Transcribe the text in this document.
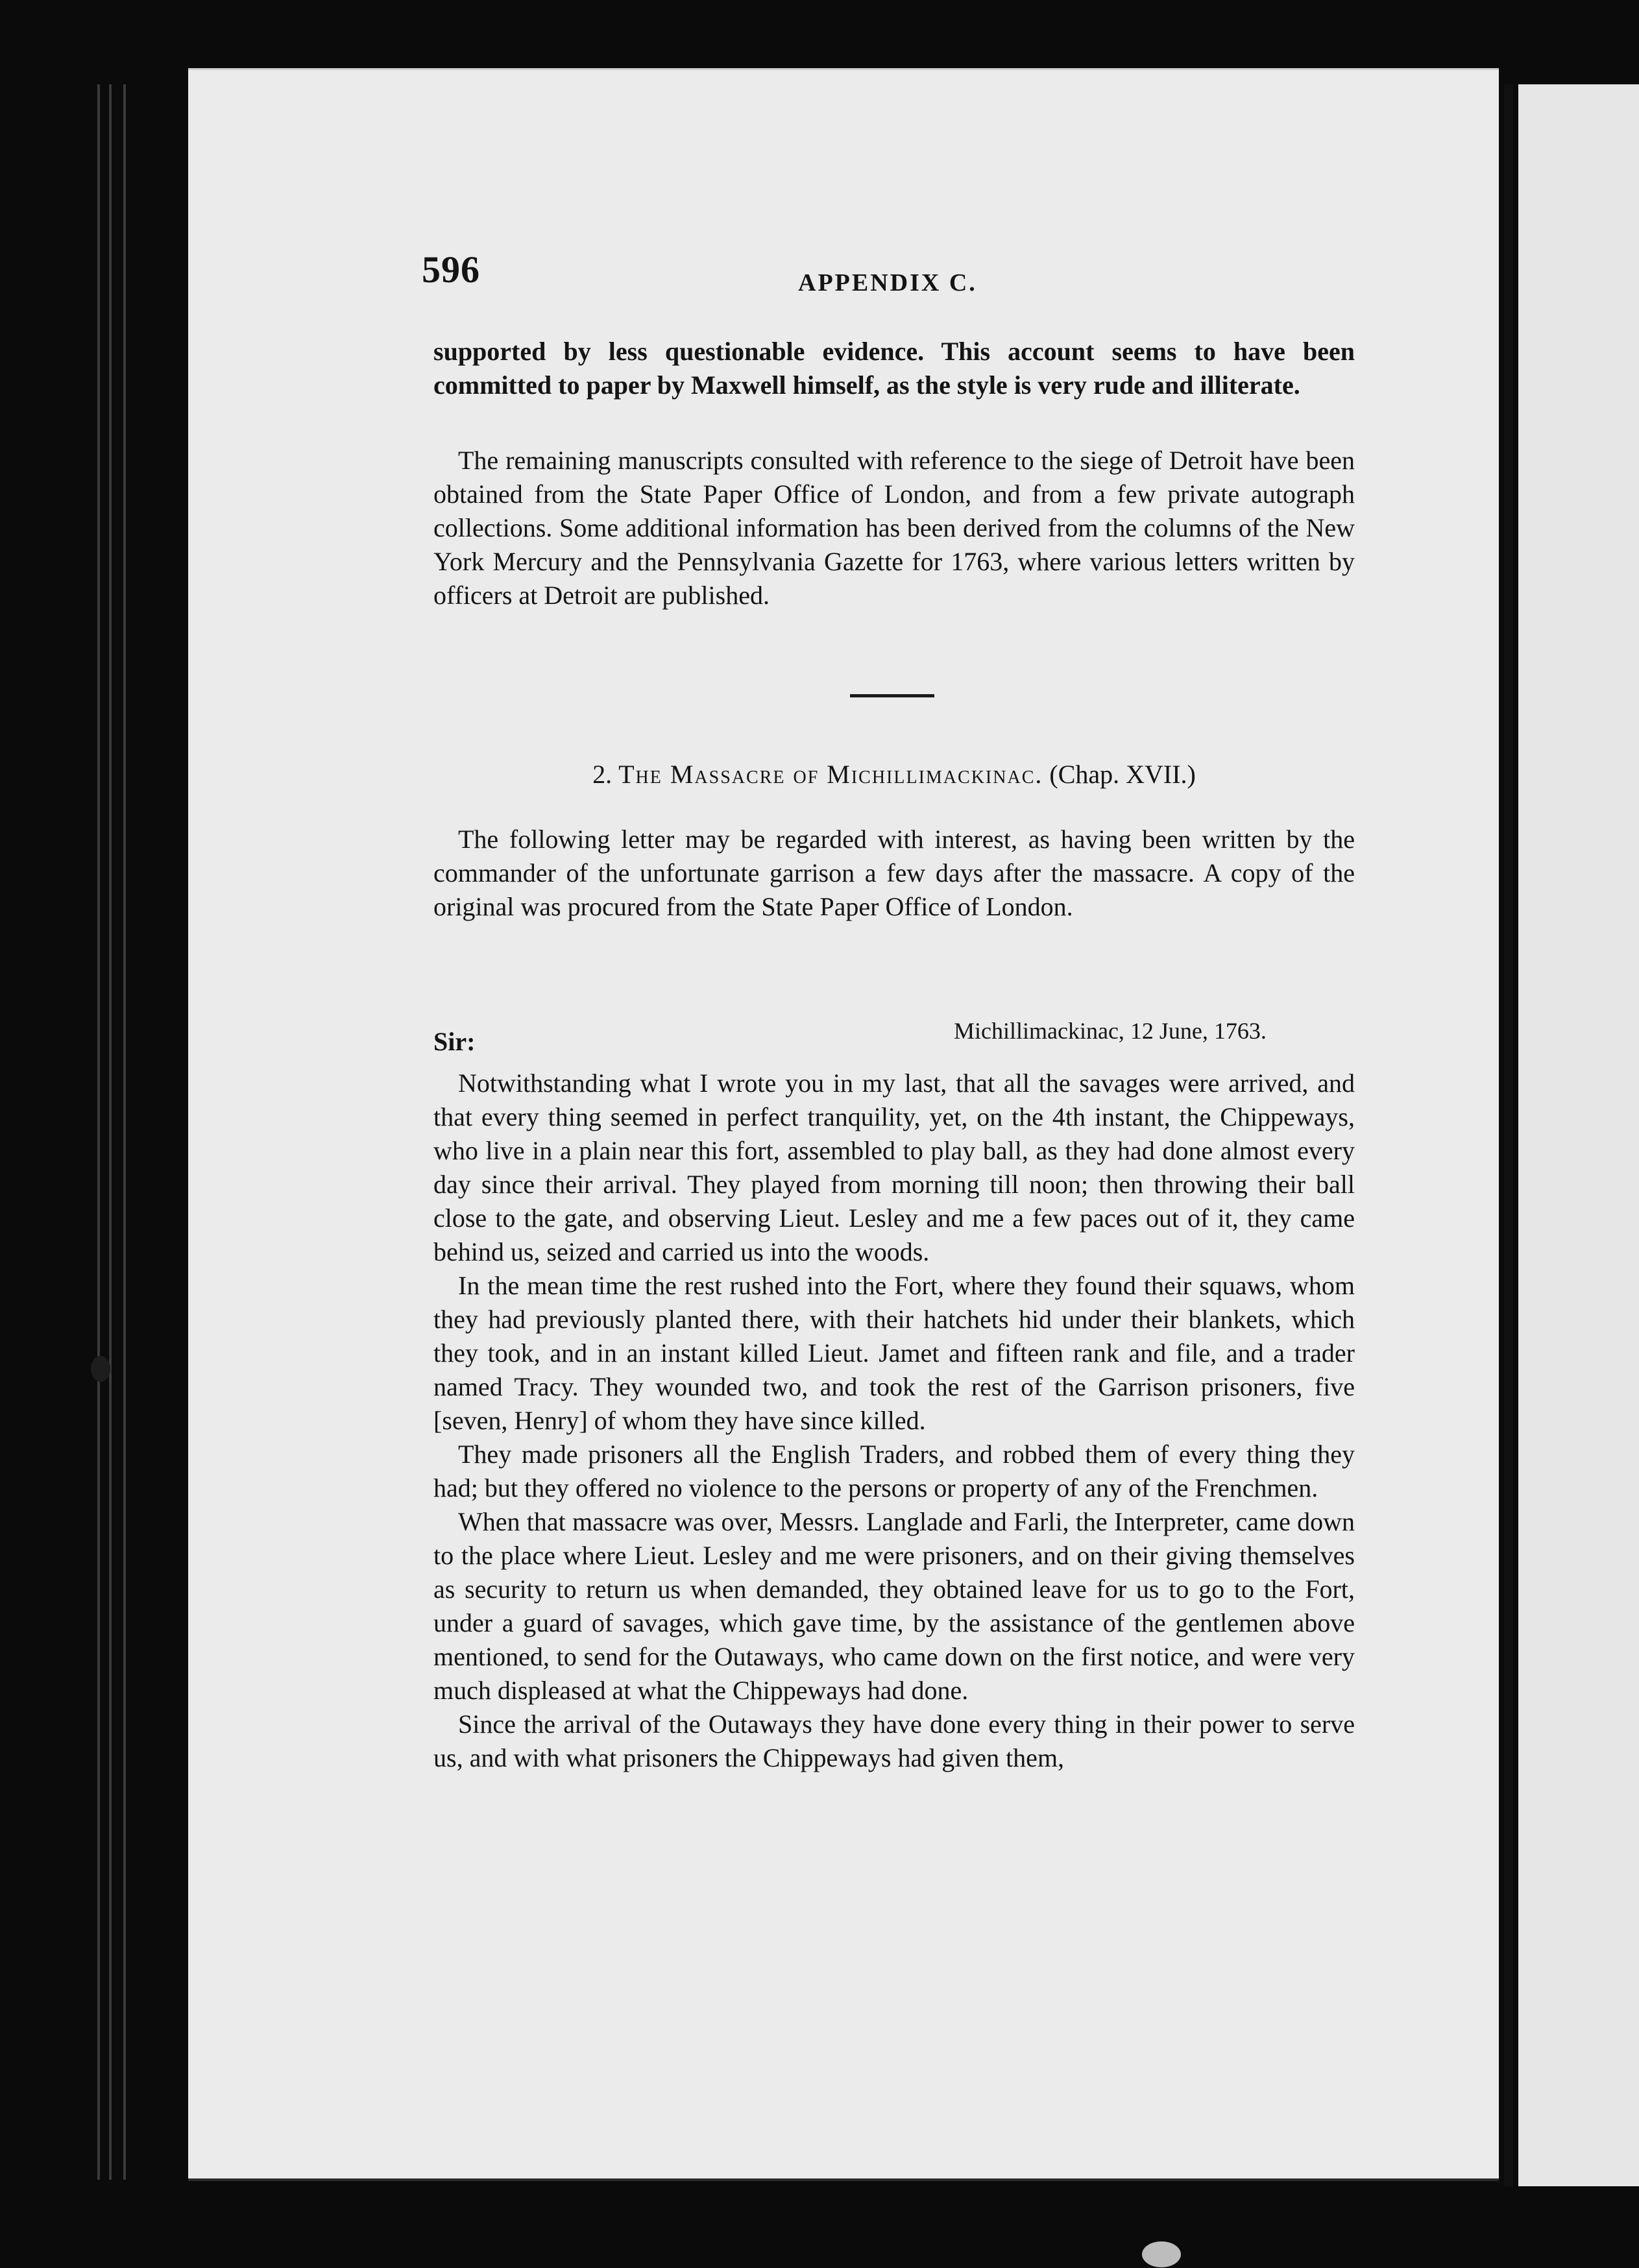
596	APPENDIX C.

supported by less questionable evidence. This account seems to have been committed to paper by Maxwell himself, as the style is very rude and illiterate.

The remaining manuscripts consulted with reference to the siege of Detroit have been obtained from the State Paper Office of London, and from a few private autograph collections. Some additional information has been derived from the columns of the New York Mercury and the Pennsylvania Gazette for 1763, where various letters written by officers at Detroit are published.

2. The Massacre of Michillimackinac. (Chap. XVII.)

The following letter may be regarded with interest, as having been written by the commander of the unfortunate garrison a few days after the massacre. A copy of the original was procured from the State Paper Office of London.

Michillimackinac, 12 June, 1763.
Sir:

Notwithstanding what I wrote you in my last, that all the savages were arrived, and that every thing seemed in perfect tranquility, yet, on the 4th instant, the Chippeways, who live in a plain near this fort, assembled to play ball, as they had done almost every day since their arrival. They played from morning till noon; then throwing their ball close to the gate, and observing Lieut. Lesley and me a few paces out of it, they came behind us, seized and carried us into the woods.

In the mean time the rest rushed into the Fort, where they found their squaws, whom they had previously planted there, with their hatchets hid under their blankets, which they took, and in an instant killed Lieut. Jamet and fifteen rank and file, and a trader named Tracy. They wounded two, and took the rest of the Garrison prisoners, five [seven, Henry] of whom they have since killed.

They made prisoners all the English Traders, and robbed them of every thing they had; but they offered no violence to the persons or property of any of the Frenchmen.

When that massacre was over, Messrs. Langlade and Farli, the Interpreter, came down to the place where Lieut. Lesley and me were prisoners, and on their giving themselves as security to return us when demanded, they obtained leave for us to go to the Fort, under a guard of savages, which gave time, by the assistance of the gentlemen above mentioned, to send for the Outaways, who came down on the first notice, and were very much displeased at what the Chippeways had done.

Since the arrival of the Outaways they have done every thing in their power to serve us, and with what prisoners the Chippeways had given them,
